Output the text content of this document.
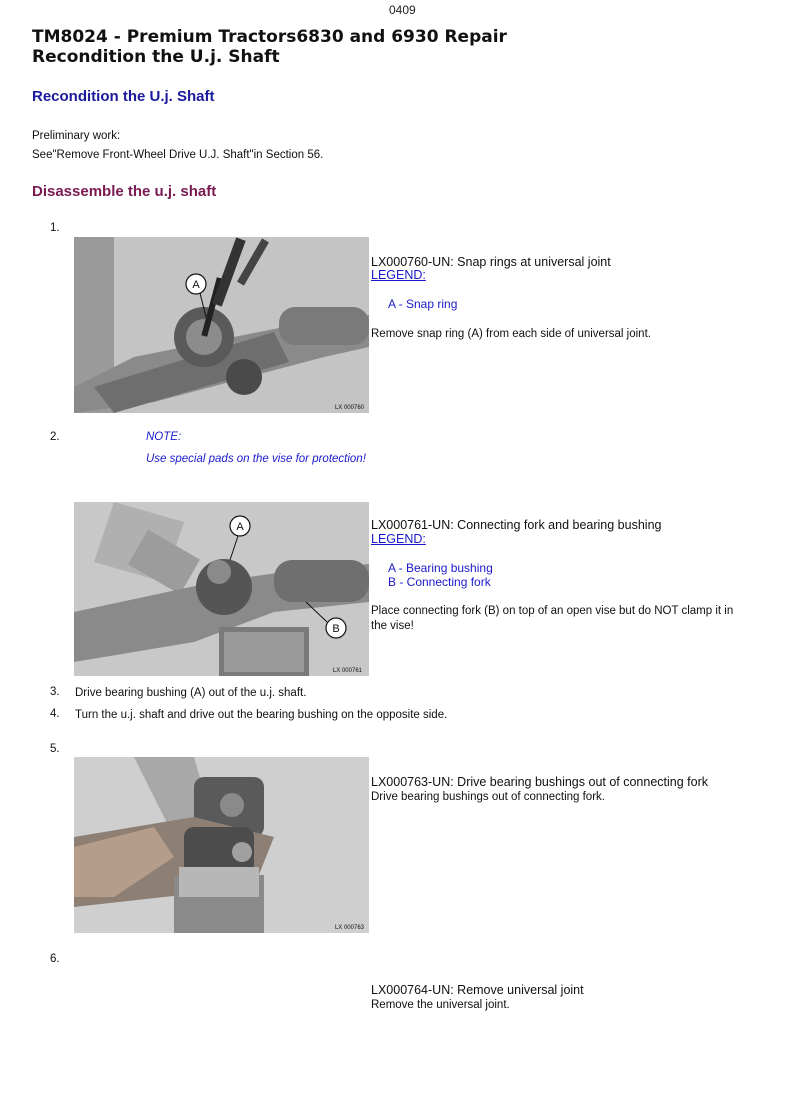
0409
TM8024 - Premium Tractors6830 and 6930 Repair
Recondition the U.j. Shaft
Recondition the U.j. Shaft
Preliminary work:
See"Remove Front-Wheel Drive U.J. Shaft"in Section 56.
Disassemble the u.j. shaft
1.
A
LX 000760
LX000760-UN: Snap rings at universal joint
LEGEND:
A - Snap ring
Remove snap ring (A) from each side of universal joint.
2.	NOTE:
Use special pads on the vise for protection!
A
B
LX 000761
LX000761-UN: Connecting fork and bearing bushing
LEGEND:
A - Bearing bushing
B - Connecting fork
Place connecting fork (B) on top of an open vise but do NOT clamp it in
the vise!
3. Drive bearing bushing (A) out of the u.j. shaft.
4. Turn the u.j. shaft and drive out the bearing bushing on the opposite side.
5.
LX 000763
LX000763-UN: Drive bearing bushings out of connecting fork
Drive bearing bushings out of connecting fork.
6.
LX000764-UN: Remove universal joint
Remove the universal joint.
